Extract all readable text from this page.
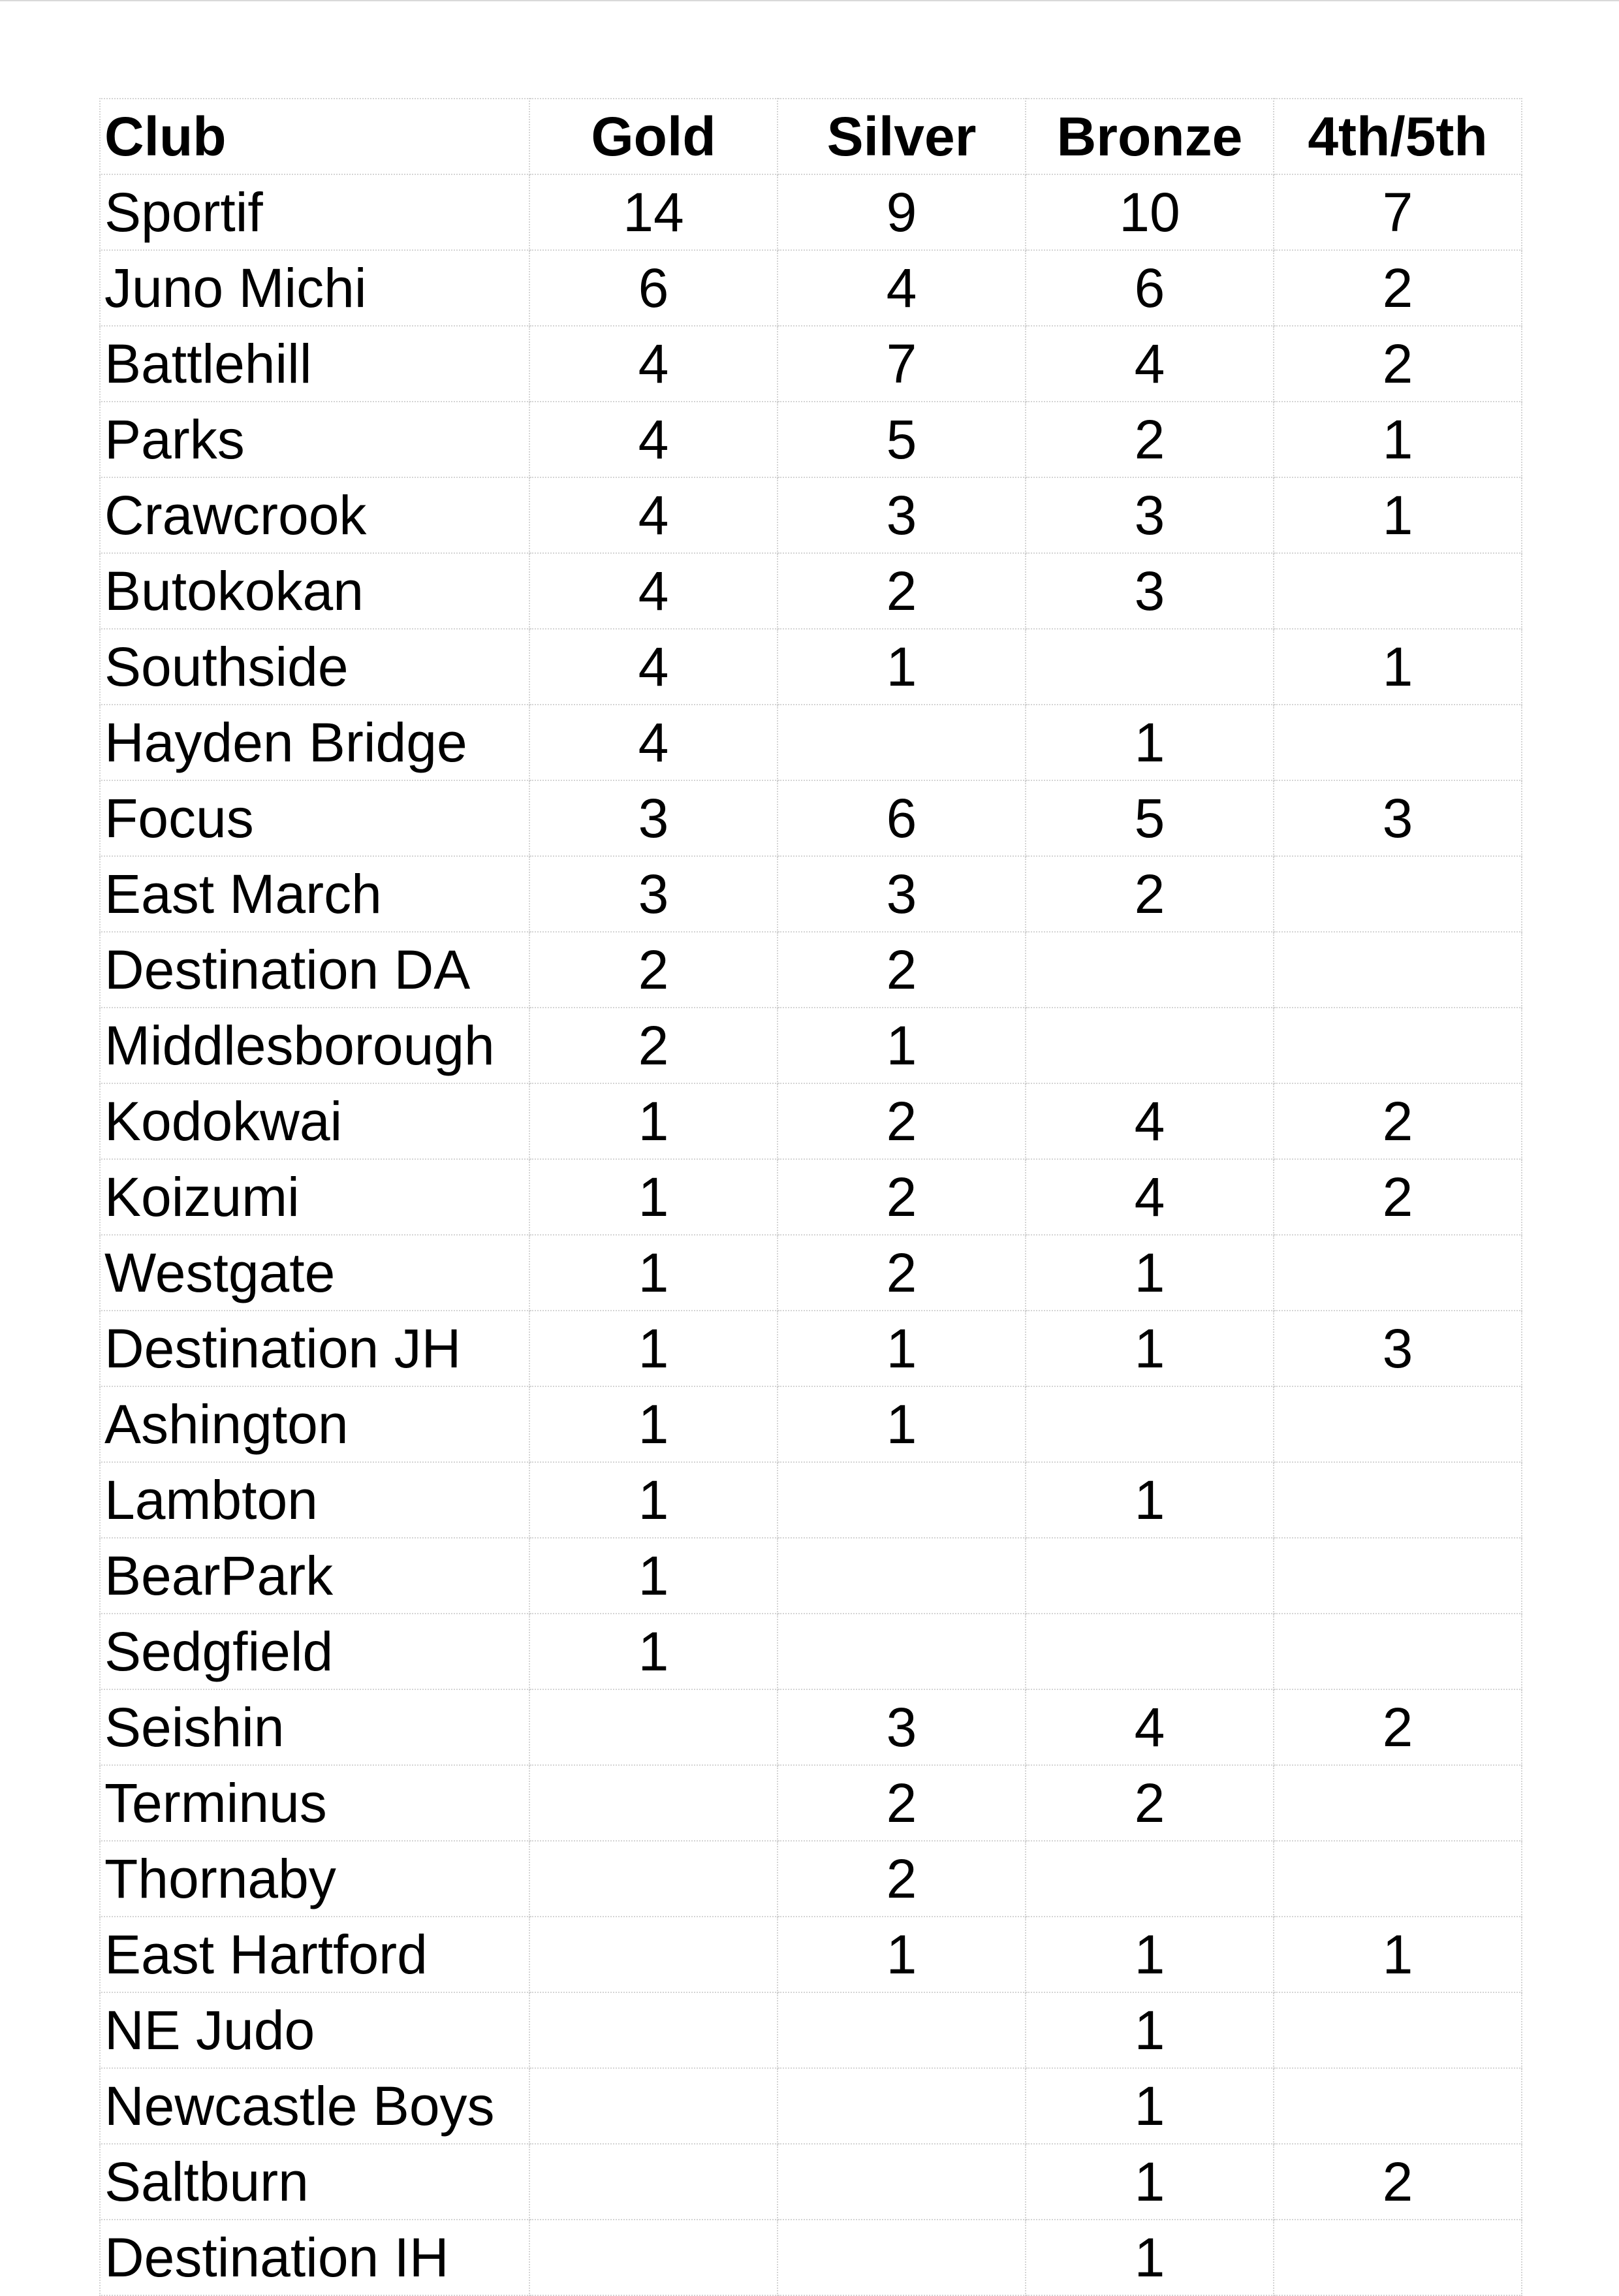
Club	Gold	Silver	Bronze	4th/5th
Sportif	14	9	10	7
Juno Michi	6	4	6	2
Battlehill	4	7	4	2
Parks	4	5	2	1
Crawcrook	4	3	3	1
Butokokan	4	2	3	
Southside	4	1		1
Hayden Bridge	4		1	
Focus	3	6	5	3
East March	3	3	2	
Destination DA	2	2		
Middlesborough	2	1		
Kodokwai	1	2	4	2
Koizumi	1	2	4	2
Westgate	1	2	1	
Destination JH	1	1	1	3
Ashington	1	1		
Lambton	1		1	
BearPark	1			
Sedgfield	1			
Seishin		3	4	2
Terminus		2	2	
Thornaby		2		
East Hartford		1	1	1
NE Judo			1	
Newcastle Boys			1	
Saltburn			1	2
Destination IH			1	
